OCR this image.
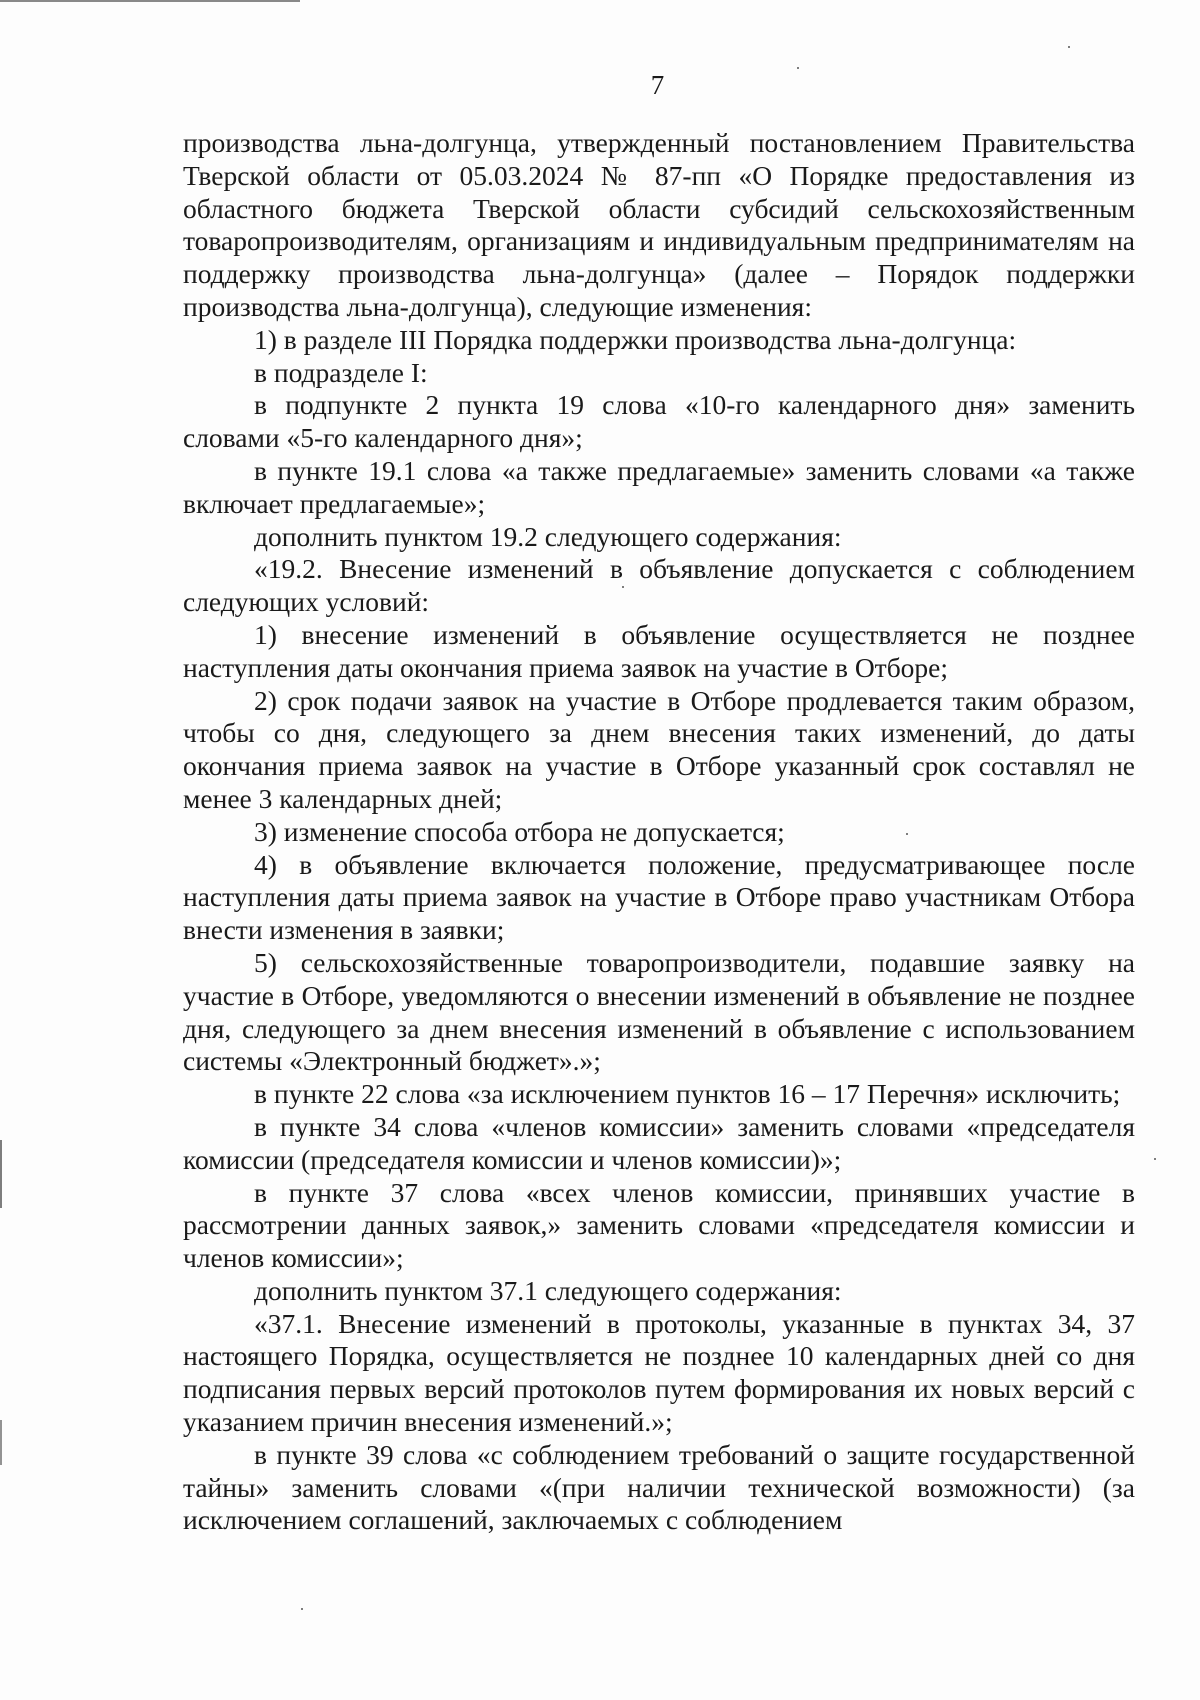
7

производства льна-долгунца, утвержденный постановлением Правительства Тверской области от 05.03.2024 № 87-пп «О Порядке предоставления из областного бюджета Тверской области субсидий сельскохозяйственным товаропроизводителям, организациям и индивидуальным предпринимателям на поддержку производства льна-долгунца» (далее – Порядок поддержки производства льна-долгунца), следующие изменения:

1) в разделе III Порядка поддержки производства льна-долгунца:

в подразделе I:

в подпункте 2 пункта 19 слова «10-го календарного дня» заменить словами «5-го календарного дня»;

в пункте 19.1 слова «а также предлагаемые» заменить словами «а также включает предлагаемые»;

дополнить пунктом 19.2 следующего содержания:

«19.2. Внесение изменений в объявление допускается с соблюдением следующих условий:

1) внесение изменений в объявление осуществляется не позднее наступления даты окончания приема заявок на участие в Отборе;

2) срок подачи заявок на участие в Отборе продлевается таким образом, чтобы со дня, следующего за днем внесения таких изменений, до даты окончания приема заявок на участие в Отборе указанный срок составлял не менее 3 календарных дней;

3) изменение способа отбора не допускается;

4) в объявление включается положение, предусматривающее после наступления даты приема заявок на участие в Отборе право участникам Отбора внести изменения в заявки;

5) сельскохозяйственные товаропроизводители, подавшие заявку на участие в Отборе, уведомляются о внесении изменений в объявление не позднее дня, следующего за днем внесения изменений в объявление с использованием системы «Электронный бюджет».»;

в пункте 22 слова «за исключением пунктов 16 – 17 Перечня» исключить;

в пункте 34 слова «членов комиссии» заменить словами «председателя комиссии (председателя комиссии и членов комиссии)»;

в пункте 37 слова «всех членов комиссии, принявших участие в рассмотрении данных заявок,» заменить словами «председателя комиссии и членов комиссии»;

дополнить пунктом 37.1 следующего содержания:

«37.1. Внесение изменений в протоколы, указанные в пунктах 34, 37 настоящего Порядка, осуществляется не позднее 10 календарных дней со дня подписания первых версий протоколов путем формирования их новых версий с указанием причин внесения изменений.»;

в пункте 39 слова «с соблюдением требований о защите государственной тайны» заменить словами «(при наличии технической возможности) (за исключением соглашений, заключаемых с соблюдением
